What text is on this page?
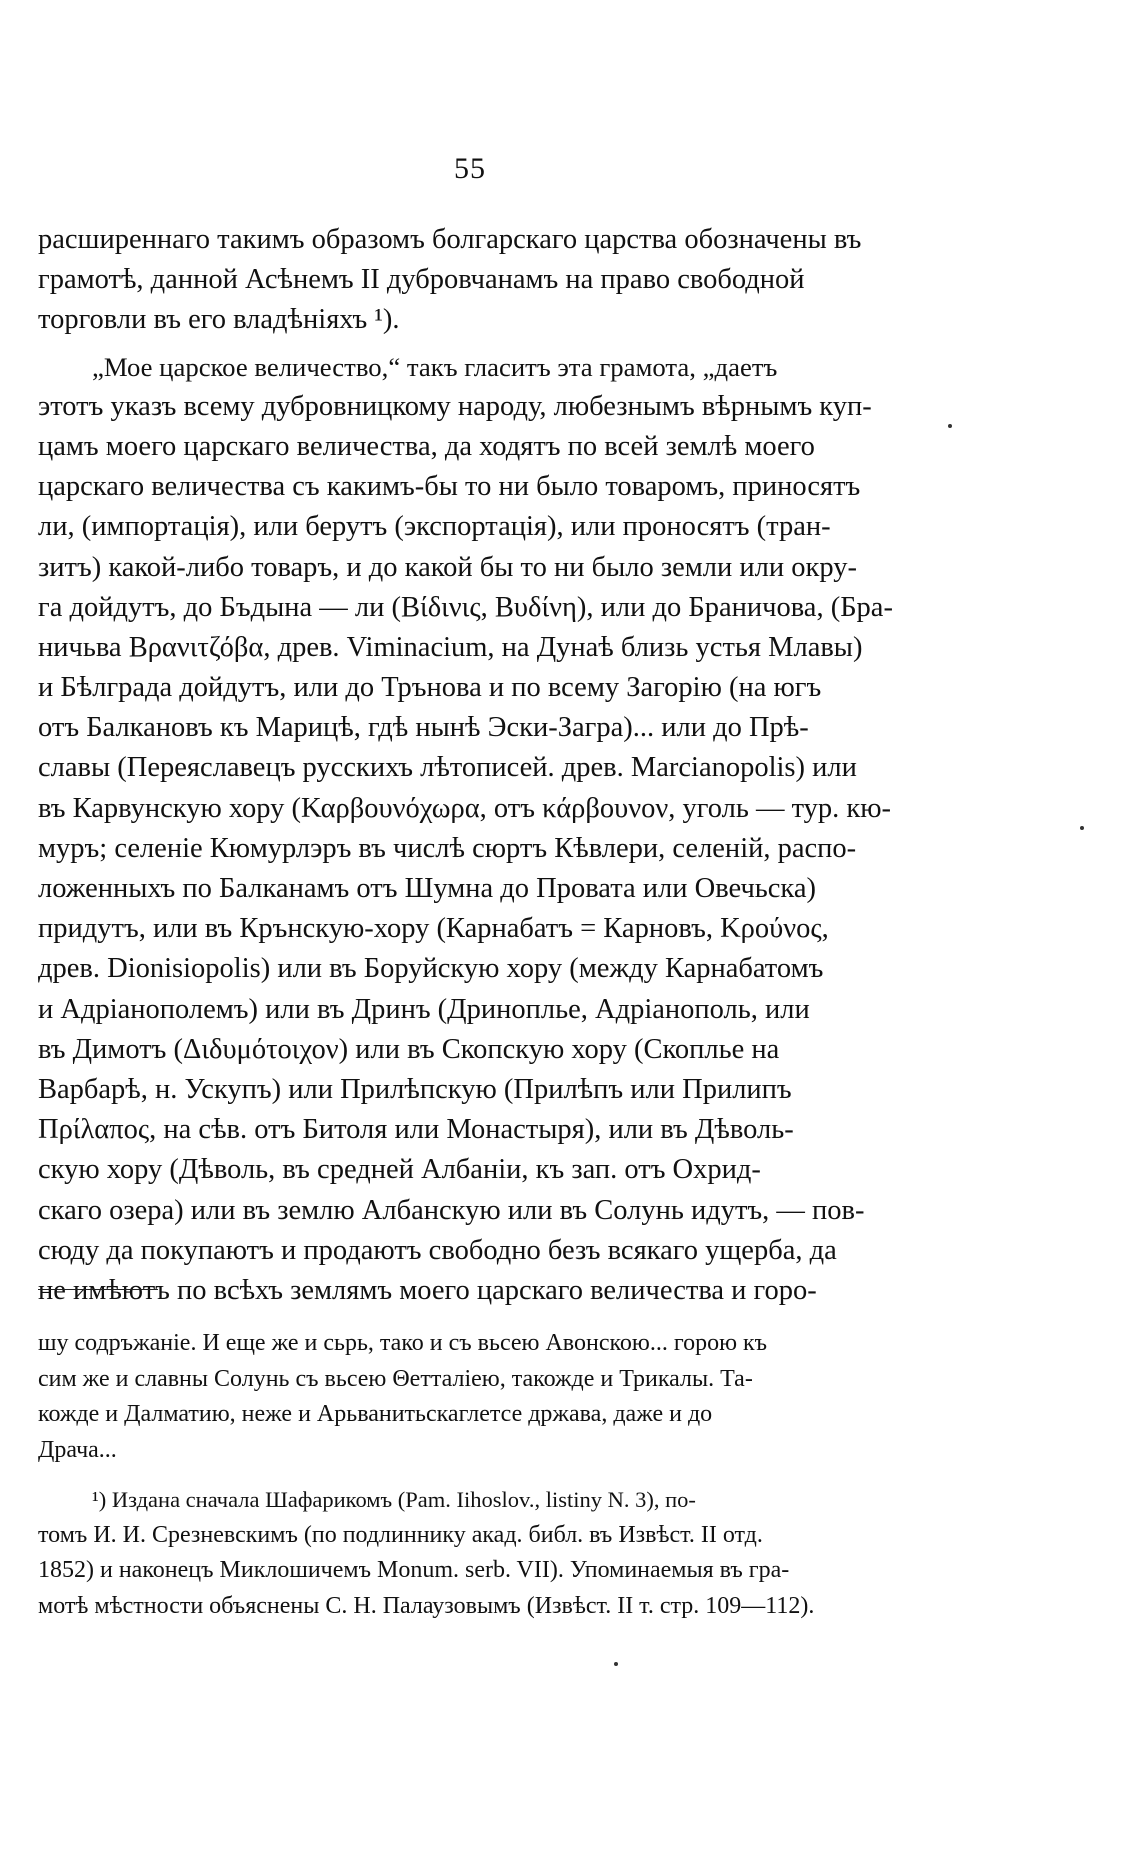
55
расширеннаго такимъ образомъ болгарскаго царства обозначены въ
грамотѣ, данной Асѣнемъ II дубровчанамъ на право свободной
торговли въ его владѣніяхъ ¹).
„Мое царское величество,“ такъ гласитъ эта грамота, „даетъ
этотъ указъ всему дубровницкому народу, любезнымъ вѣрнымъ куп-
цамъ моего царскаго величества, да ходятъ по всей землѣ моего
царскаго величества съ какимъ-бы то ни было товаромъ, приносятъ
ли, (импортація), или берутъ (экспортація), или проносятъ (тран-
зитъ) какой-либо товаръ, и до какой бы то ни было земли или окру-
га дойдутъ, до Бъдына — ли (Βίδινις, Βυδίνη), или до Браничова, (Бра-
ничьва Βρανιτζόβα, древ. Viminacium, на Дунаѣ близь устья Млавы)
и Бѣлграда дойдутъ, или до Трънова и по всему Загорію (на югъ
отъ Балкановъ къ Марицѣ, гдѣ нынѣ Эски-Загра)... или до Прѣ-
славы (Переяславецъ русскихъ лѣтописей. древ. Marcianopolis) или
въ Карвунскую хору (Καρβουνόχωρα, отъ κάρβουνον, уголь — тур. кю-
муръ; селеніе Кюмурлэръ въ числѣ сюртъ Кѣвлери, селеній, распо-
ложенныхъ по Балканамъ отъ Шумна до Провата или Овечьска)
придутъ, или въ Крънскую-хору (Карнабатъ = Карновъ, Κρούνος,
древ. Dionisiopolis) или въ Боруйскую хору (между Карнабатомъ
и Адріанополемъ) или въ Дринъ (Дринопльe, Адріанополь, или
въ Димотъ (Διδυμότοιχον) или въ Скопскую хору (Скопльe на
Варбарѣ, н. Ускупъ) или Прилѣпскую (Прилѣпъ или Прилипъ
Πρίλαπος, на сѣв. отъ Битоля или Монастыря), или въ Дѣволь-
скую хору (Дѣволь, въ средней Албаніи, къ зап. отъ Охрид-
скаго озера) или въ землю Албанскую или въ Солунь идутъ, — пов-
сюду да покупаютъ и продаютъ свободно безъ всякаго ущерба, да
не имѣютъ по всѣхъ землямъ моего царскаго величества и горо-
шу содръжаніе. И еще же и сьрь, тако и съ вьсею Авонскою... горою къ
сим же и славны Солунь съ вьсею Θетталіею, такожде и Трикалы. Та-
кожде и Далматию, неже и Арьванитьскаглетсе држава, даже и до
Драча...
¹) Издана сначала Шафарикомъ (Pam. Iihoslov., listiny N. 3), по-
томъ И. И. Срезневскимъ (по подлиннику акад. библ. въ Извѣст. II отд.
1852) и наконецъ Миклошичемъ Monum. serb. VII). Упоминаемыя въ гра-
мотѣ мѣстности объяснены С. Н. Палаузовымъ (Извѣст. II т. стр. 109—112).
